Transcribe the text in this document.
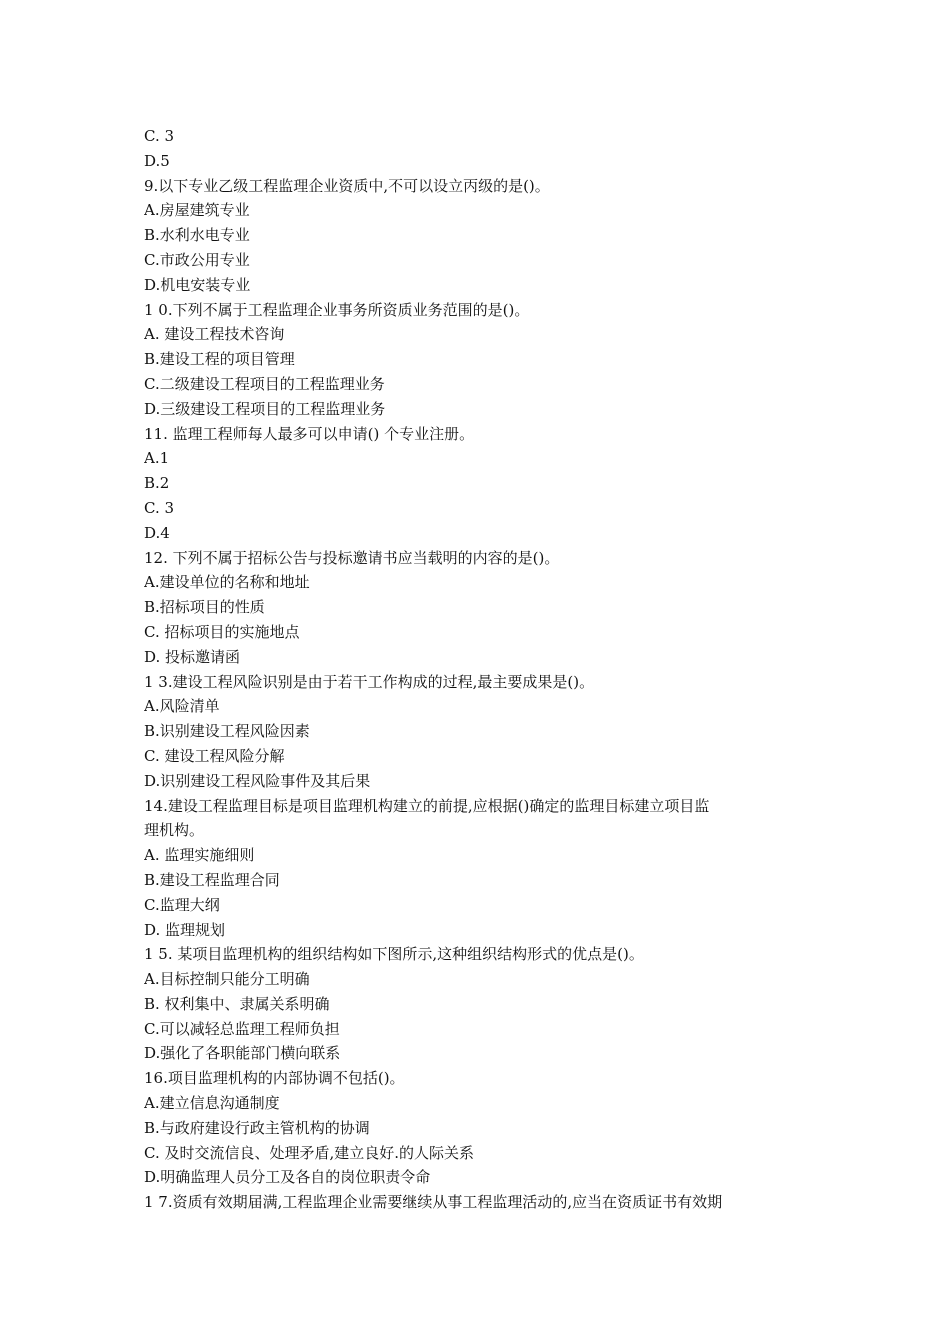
C. 3
D.5
9.以下专业乙级工程监理企业资质中,不可以设立丙级的是()。
A.房屋建筑专业
B.水利水电专业
C.市政公用专业
D.机电安装专业
1 0.下列不属于工程监理企业事务所资质业务范围的是()。
A. 建设工程技术咨询
B.建设工程的项目管理
C.二级建设工程项目的工程监理业务
D.三级建设工程项目的工程监理业务
11. 监理工程师每人最多可以申请() 个专业注册。
A.1
B.2
C. 3
D.4
12. 下列不属于招标公告与投标邀请书应当载明的内容的是()。
A.建设单位的名称和地址
B.招标项目的性质
C. 招标项目的实施地点
D. 投标邀请函
1 3.建设工程风险识别是由于若干工作构成的过程,最主要成果是()。
A.风险清单
B.识别建设工程风险因素
C. 建设工程风险分解
D.识别建设工程风险事件及其后果
14.建设工程监理目标是项目监理机构建立的前提,应根据()确定的监理目标建立项目监
理机构。
A. 监理实施细则
B.建设工程监理合同
C.监理大纲
D. 监理规划
1 5. 某项目监理机构的组织结构如下图所示,这种组织结构形式的优点是()。
A.目标控制只能分工明确
B. 权利集中、隶属关系明确
C.可以减轻总监理工程师负担
D.强化了各职能部门横向联系
16.项目监理机构的内部协调不包括()。
A.建立信息沟通制度
B.与政府建设行政主管机构的协调
C. 及时交流信良、处理矛盾,建立良好.的人际关系
D.明确监理人员分工及各自的岗位职责令命
1 7.资质有效期届满,工程监理企业需要继续从事工程监理活动的,应当在资质证书有效期
